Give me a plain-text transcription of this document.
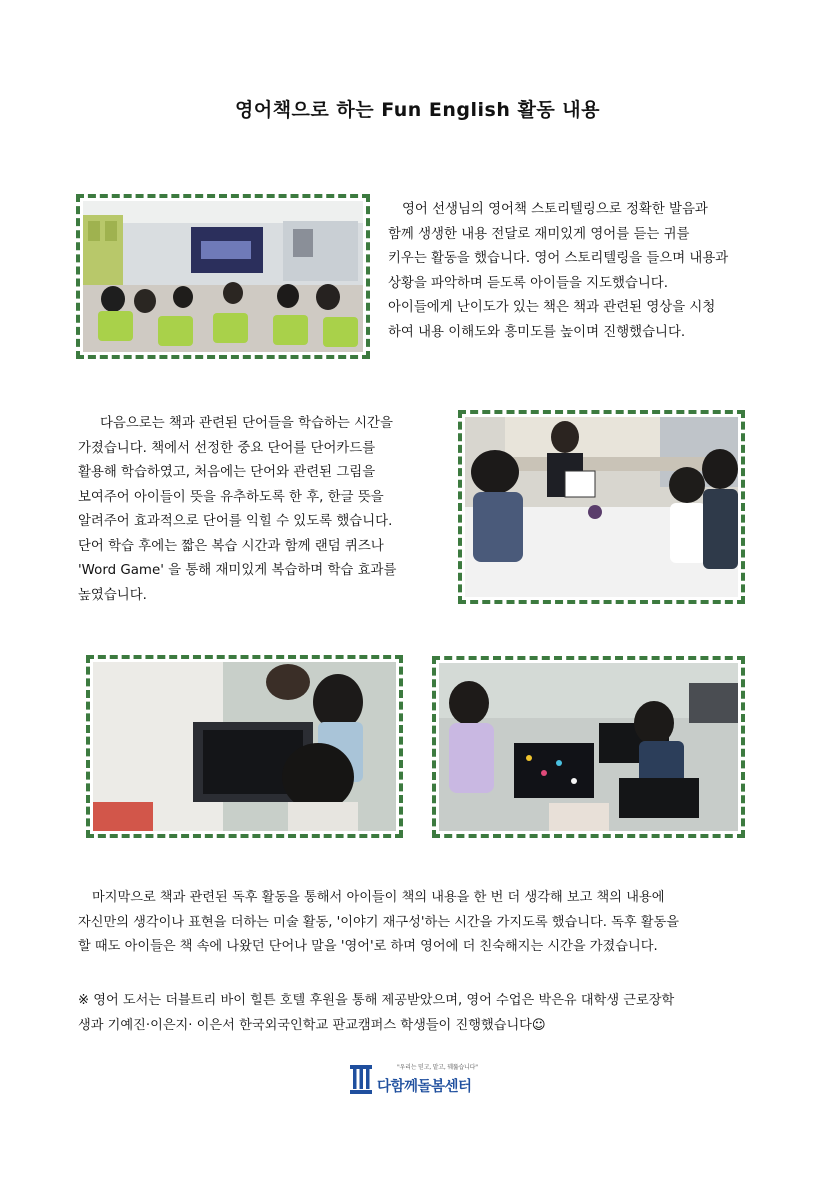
영어책으로 하는 Fun English 활동 내용
영어 선생님의 영어책 스토리텔링으로 정확한 발음과
함께 생생한 내용 전달로 재미있게 영어를 듣는 귀를
키우는 활동을 했습니다. 영어 스토리텔링을 들으며 내용과
상황을 파악하며 듣도록 아이들을 지도했습니다.
아이들에게 난이도가 있는 책은 책과 관련된 영상을 시청
하여 내용 이해도와 흥미도를 높이며 진행했습니다.
다음으로는 책과 관련된 단어들을 학습하는 시간을
가졌습니다. 책에서 선정한 중요 단어를 단어카드를
활용해 학습하였고, 처음에는 단어와 관련된 그림을
보여주어 아이들이 뜻을 유추하도록 한 후, 한글 뜻을
알려주어 효과적으로 단어를 익힐 수 있도록 했습니다.
단어 학습 후에는 짧은 복습 시간과 함께 랜덤 퀴즈나
'Word Game' 을 통해 재미있게 복습하며 학습 효과를
높였습니다.
마지막으로 책과 관련된 독후 활동을 통해서 아이들이 책의 내용을 한 번 더 생각해 보고 책의 내용에
자신만의 생각이나 표현을 더하는 미술 활동, '이야기 재구성'하는 시간을 가지도록 했습니다. 독후 활동을
할 때도 아이들은 책 속에 나왔던 단어나 말을 '영어'로 하며 영어에 더 친숙해지는 시간을 가졌습니다.
※ 영어 도서는 더블트리 바이 힐튼 호텔 후원을 통해 제공받았으며, 영어 수업은 박은유 대학생 근로장학
생과 기예진·이은지· 이은서 한국외국인학교 판교캠퍼스 학생들이 진행했습니다☺
"우리는 믿고, 맡고, 꿰뚫습니다"
다함께돌봄센터
